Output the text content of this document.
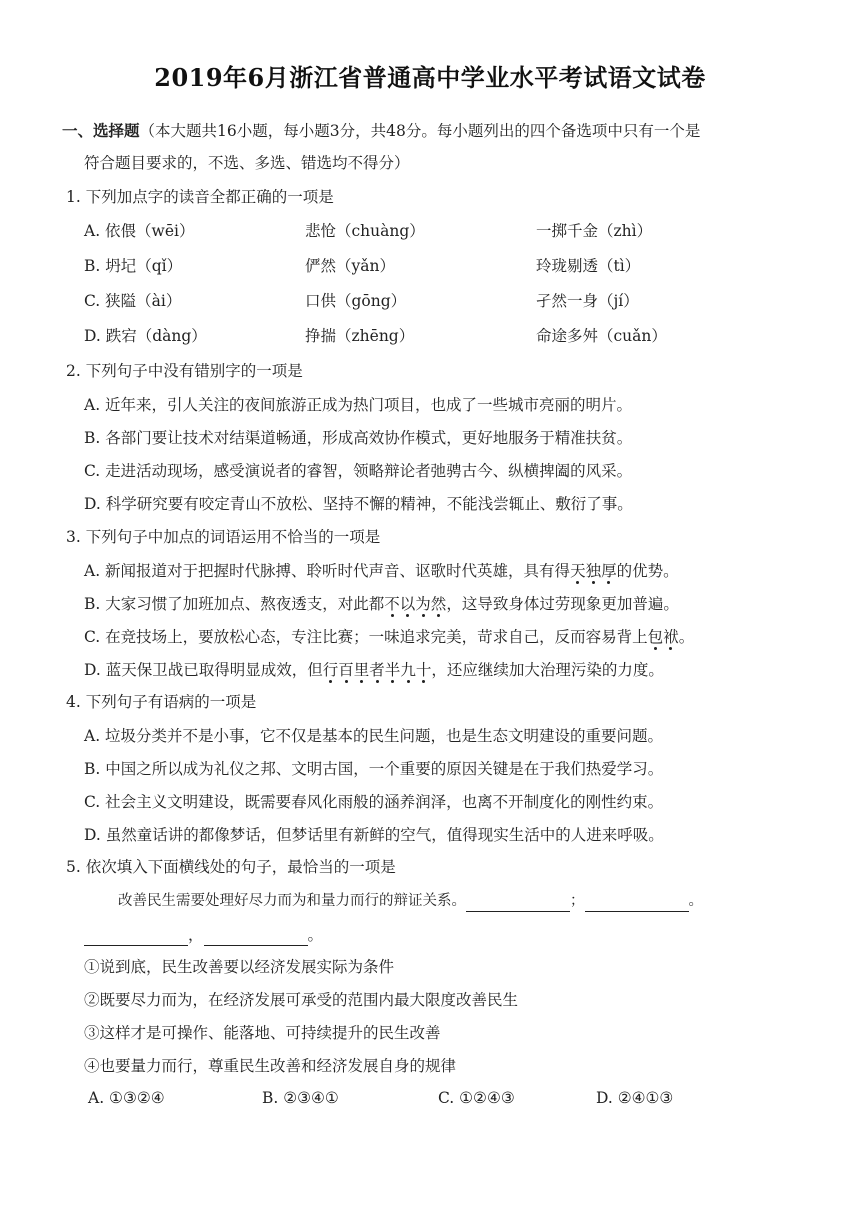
2019年6月浙江省普通高中学业水平考试语文试卷
一、选择题（本大题共16小题，每小题3分，共48分。每小题列出的四个备选项中只有一个是
符合题目要求的，不选、多选、错选均不得分）
1. 下列加点字的读音全都正确的一项是
A. 依偎（wēi）	悲怆（chuàng）	一掷千金（zhì）
B. 坍圮（qǐ）	俨然（yǎn）	玲珑剔透（tì）
C. 狭隘（ài）	口供（gōng）	孑然一身（jí）
D. 跌宕（dàng）	挣揣（zhēng）	命途多舛（cuǎn）
2. 下列句子中没有错别字的一项是
A. 近年来，引人关注的夜间旅游正成为热门项目，也成了一些城市亮丽的明片。
B. 各部门要让技术对结渠道畅通，形成高效协作模式，更好地服务于精准扶贫。
C. 走进活动现场，感受演说者的睿智，领略辩论者弛骋古今、纵横捭阖的风采。
D. 科学研究要有咬定青山不放松、坚持不懈的精神，不能浅尝辄止、敷衍了事。
3. 下列句子中加点的词语运用不恰当的一项是
A. 新闻报道对于把握时代脉搏、聆听时代声音、讴歌时代英雄，具有得天独厚的优势。
B. 大家习惯了加班加点、熬夜透支，对此都不以为然，这导致身体过劳现象更加普遍。
C. 在竞技场上，要放松心态，专注比赛；一味追求完美，苛求自己，反而容易背上包袱。
D. 蓝天保卫战已取得明显成效，但行百里者半九十，还应继续加大治理污染的力度。
4. 下列句子有语病的一项是
A. 垃圾分类并不是小事，它不仅是基本的民生问题，也是生态文明建设的重要问题。
B. 中国之所以成为礼仪之邦、文明古国，一个重要的原因关键是在于我们热爱学习。
C. 社会主义文明建设，既需要春风化雨般的涵养润泽，也离不开制度化的刚性约束。
D. 虽然童话讲的都像梦话，但梦话里有新鲜的空气，值得现实生活中的人进来呼吸。
5. 依次填入下面横线处的句子，最恰当的一项是
改善民生需要处理好尽力而为和量力而行的辩证关系。	；	。
，	。
①说到底，民生改善要以经济发展实际为条件
②既要尽力而为，在经济发展可承受的范围内最大限度改善民生
③这样才是可操作、能落地、可持续提升的民生改善
④也要量力而行，尊重民生改善和经济发展自身的规律
A. ①③②④	B. ②③④①	C. ①②④③	D. ②④①③
